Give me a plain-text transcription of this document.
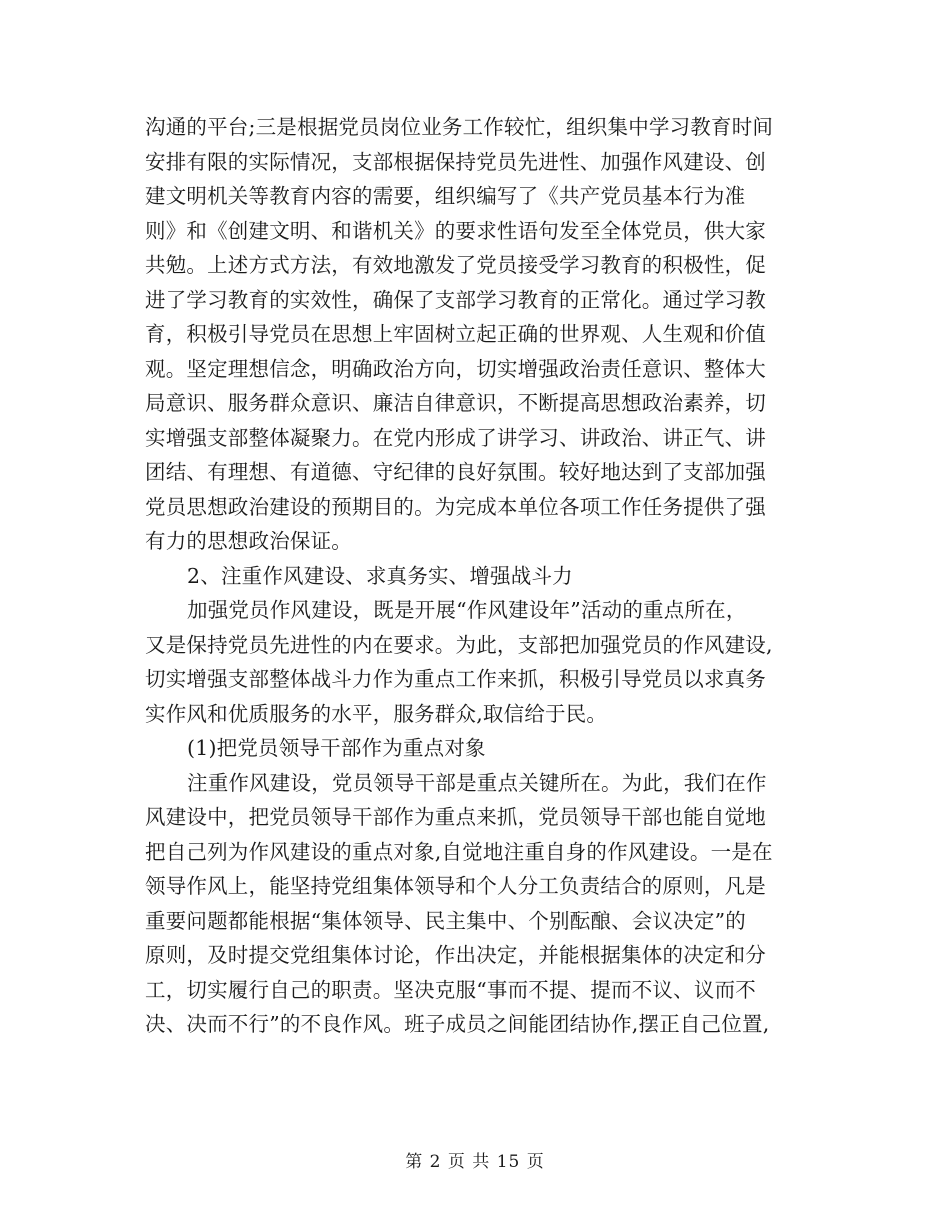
沟通的平台;三是根据党员岗位业务工作较忙，组织集中学习教育时间
安排有限的实际情况，支部根据保持党员先进性、加强作风建设、创
建文明机关等教育内容的需要，组织编写了《共产党员基本行为准
则》和《创建文明、和谐机关》的要求性语句发至全体党员，供大家
共勉。上述方式方法，有效地激发了党员接受学习教育的积极性，促
进了学习教育的实效性，确保了支部学习教育的正常化。通过学习教
育，积极引导党员在思想上牢固树立起正确的世界观、人生观和价值
观。坚定理想信念，明确政治方向，切实增强政治责任意识、整体大
局意识、服务群众意识、廉洁自律意识，不断提高思想政治素养，切
实增强支部整体凝聚力。在党内形成了讲学习、讲政治、讲正气、讲
团结、有理想、有道德、守纪律的良好氛围。较好地达到了支部加强
党员思想政治建设的预期目的。为完成本单位各项工作任务提供了强
有力的思想政治保证。
2、注重作风建设、求真务实、增强战斗力
加强党员作风建设，既是开展“作风建设年”活动的重点所在，
又是保持党员先进性的内在要求。为此，支部把加强党员的作风建设,
切实增强支部整体战斗力作为重点工作来抓，积极引导党员以求真务
实作风和优质服务的水平，服务群众,取信给于民。
(1)把党员领导干部作为重点对象
注重作风建设，党员领导干部是重点关键所在。为此，我们在作
风建设中，把党员领导干部作为重点来抓，党员领导干部也能自觉地
把自己列为作风建设的重点对象,自觉地注重自身的作风建设。一是在
领导作风上，能坚持党组集体领导和个人分工负责结合的原则，凡是
重要问题都能根据“集体领导、民主集中、个别酝酿、会议决定”的
原则，及时提交党组集体讨论，作出决定，并能根据集体的决定和分
工，切实履行自己的职责。坚决克服“事而不提、提而不议、议而不
决、决而不行”的不良作风。班子成员之间能团结协作,摆正自己位置,
第 2 页 共 15 页
